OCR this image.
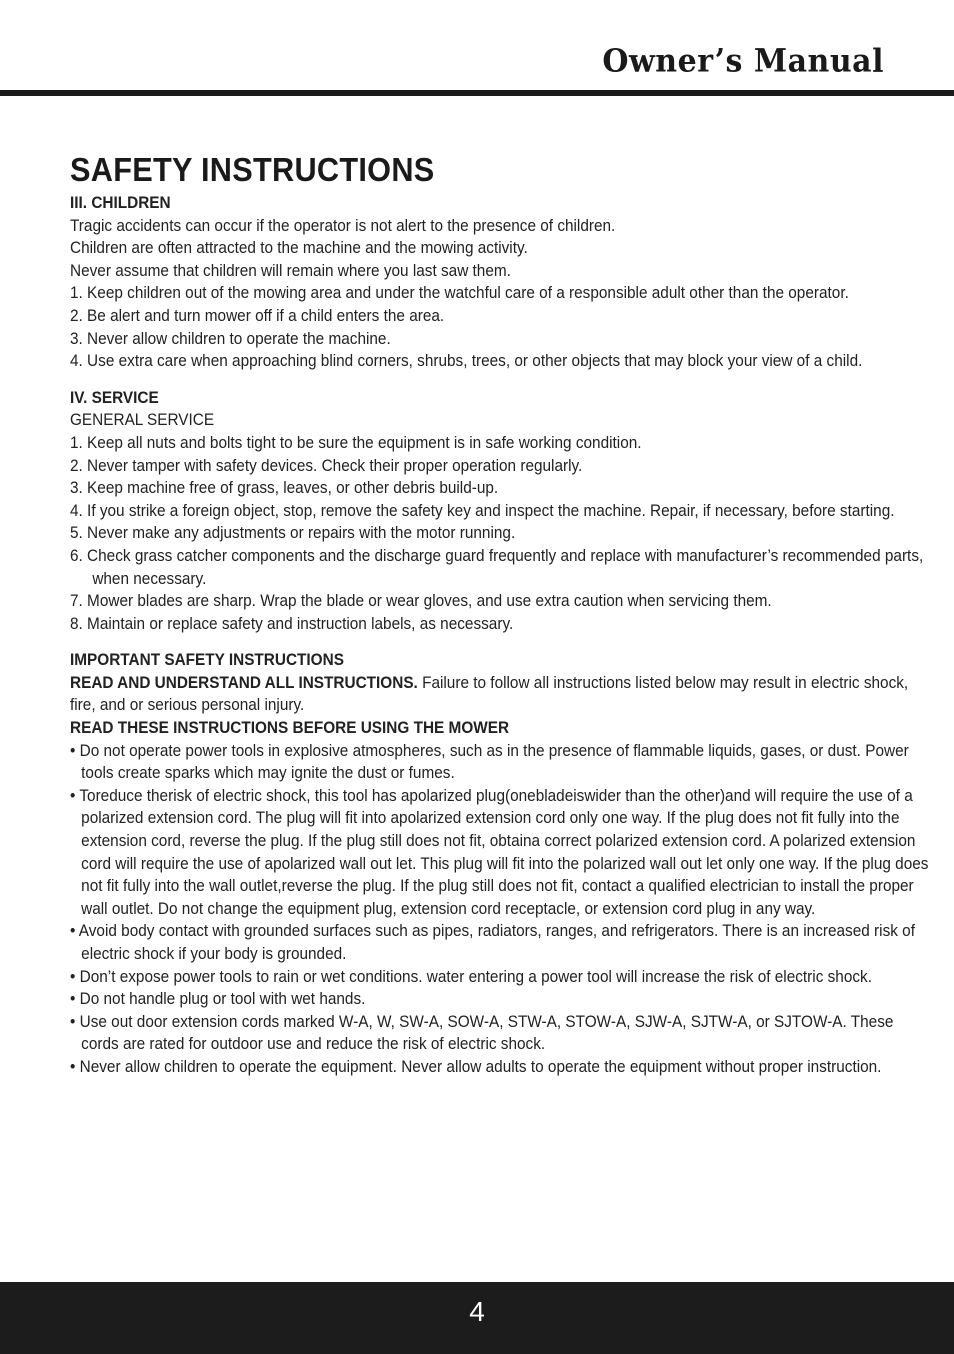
Owner’s Manual
SAFETY INSTRUCTIONS

III. CHILDREN

Tragic accidents can occur if the operator is not alert to the presence of children.

Children are often attracted to the machine and the mowing activity.

Never assume that children will remain where you last saw them.

1. Keep children out of the mowing area and under the watchful care of a responsible adult other than the operator.

2. Be alert and turn mower off if a child enters the area.

3. Never allow children to operate the machine.

4. Use extra care when approaching blind corners, shrubs, trees, or other objects that may block your view of a child.

IV. SERVICE

GENERAL SERVICE

1. Keep all nuts and bolts tight to be sure the equipment is in safe working condition.

2. Never tamper with safety devices. Check their proper operation regularly.

3. Keep machine free of grass, leaves, or other debris build-up.

4. If you strike a foreign object, stop, remove the safety key and inspect the machine. Repair, if necessary, before starting.

5. Never make any adjustments or repairs with the motor running.

6. Check grass catcher components and the discharge guard frequently and replace with manufacturer’s recommended parts, when necessary.

7. Mower blades are sharp. Wrap the blade or wear gloves, and use extra caution when servicing them.

8. Maintain or replace safety and instruction labels, as necessary.

IMPORTANT SAFETY INSTRUCTIONS

READ AND UNDERSTAND ALL INSTRUCTIONS. Failure to follow all instructions listed below may result in electric shock, fire, and or serious personal injury.

READ THESE INSTRUCTIONS BEFORE USING THE MOWER

• Do not operate power tools in explosive atmospheres, such as in the presence of flammable liquids, gases, or dust. Power tools create sparks which may ignite the dust or fumes.

• Toreduce therisk of electric shock, this tool has apolarized plug(onebladeiswider than the other)and will require the use of a polarized extension cord. The plug will fit into apolarized extension cord only one way. If the plug does not fit fully into the extension cord, reverse the plug. If the plug still does not fit, obtaina correct polarized extension cord. A polarized extension cord will require the use of apolarized wall out let. This plug will fit into the polarized wall out let only one way. If the plug does not fit fully into the wall outlet,reverse the plug. If the plug still does not fit, contact a qualified electrician to install the proper wall outlet. Do not change the equipment plug, extension cord receptacle, or extension cord plug in any way.

• Avoid body contact with grounded surfaces such as pipes, radiators, ranges, and refrigerators. There is an increased risk of electric shock if your body is grounded.

• Don’t expose power tools to rain or wet conditions. water entering a power tool will increase the risk of electric shock.

• Do not handle plug or tool with wet hands.

• Use out door extension cords marked W-A, W, SW-A, SOW-A, STW-A, STOW-A, SJW-A, SJTW-A, or SJTOW-A. These cords are rated for outdoor use and reduce the risk of electric shock.

• Never allow children to operate the equipment. Never allow adults to operate the equipment without proper instruction.

4
